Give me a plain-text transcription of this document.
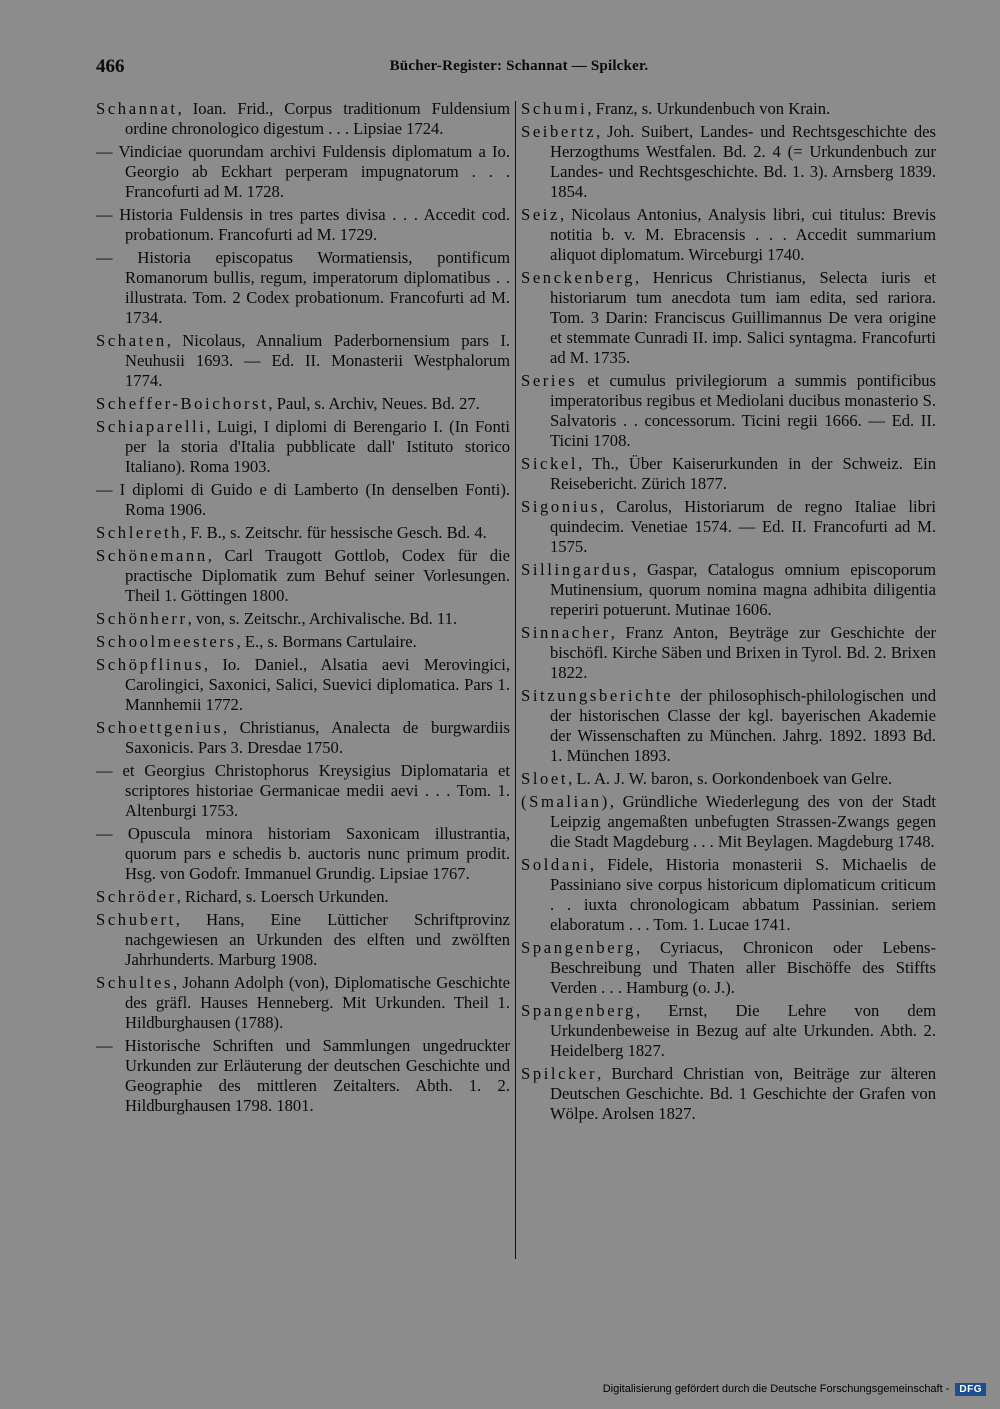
466	Bücher-Register: Schannat — Spilcker.
Schannat, Ioan. Frid., Corpus traditionum Fuldensium ordine chronologico digestum . . . Lipsiae 1724.
— Vindiciae quorundam archivi Fuldensis diplomatum a Io. Georgio ab Eckhart perperam impugnatorum . . . Francofurti ad M. 1728.
— Historia Fuldensis in tres partes divisa . . . Accedit cod. probationum. Francofurti ad M. 1729.
— Historia episcopatus Wormatiensis, pontificum Romanorum bullis, regum, imperatorum diplomatibus . . illustrata. Tom. 2 Codex probationum. Francofurti ad M. 1734.
Schaten, Nicolaus, Annalium Paderbornensium pars I. Neuhusii 1693. — Ed. II. Monasterii Westphalorum 1774.
Scheffer-Boichorst, Paul, s. Archiv, Neues. Bd. 27.
Schiaparelli, Luigi, I diplomi di Berengario I. (In Fonti per la storia d'Italia pubblicate dall' Istituto storico Italiano). Roma 1903.
— I diplomi di Guido e di Lamberto (In denselben Fonti). Roma 1906.
Schlereth, F. B., s. Zeitschr. für hessische Gesch. Bd. 4.
Schönemann, Carl Traugott Gottlob, Codex für die practische Diplomatik zum Behuf seiner Vorlesungen. Theil 1. Göttingen 1800.
Schönherr, von, s. Zeitschr., Archivalische. Bd. 11.
Schoolmeesters, E., s. Bormans Cartulaire.
Schöpflinus, Io. Daniel., Alsatia aevi Merovingici, Carolingici, Saxonici, Salici, Suevici diplomatica. Pars 1. Mannhemii 1772.
Schoettgenius, Christianus, Analecta de burgwardiis Saxonicis. Pars 3. Dresdae 1750.
— et Georgius Christophorus Kreysigius Diplomataria et scriptores historiae Germanicae medii aevi . . . Tom. 1. Altenburgi 1753.
— Opuscula minora historiam Saxonicam illustrantia, quorum pars e schedis b. auctoris nunc primum prodit. Hsg. von Godofr. Immanuel Grundig. Lipsiae 1767.
Schröder, Richard, s. Loersch Urkunden.
Schubert, Hans, Eine Lütticher Schriftprovinz nachgewiesen an Urkunden des elften und zwölften Jahrhunderts. Marburg 1908.
Schultes, Johann Adolph (von), Diplomatische Geschichte des gräfl. Hauses Henneberg. Mit Urkunden. Theil 1. Hildburghausen (1788).
— Historische Schriften und Sammlungen ungedruckter Urkunden zur Erläuterung der deutschen Geschichte und Geographie des mittleren Zeitalters. Abth. 1. 2. Hildburghausen 1798. 1801.
Schumi, Franz, s. Urkundenbuch von Krain.
Seibertz, Joh. Suibert, Landes- und Rechtsgeschichte des Herzogthums Westfalen. Bd. 2. 4 (= Urkundenbuch zur Landes- und Rechtsgeschichte. Bd. 1. 3). Arnsberg 1839. 1854.
Seiz, Nicolaus Antonius, Analysis libri, cui titulus: Brevis notitia b. v. M. Ebracensis . . . Accedit summarium aliquot diplomatum. Wirceburgi 1740.
Senckenberg, Henricus Christianus, Selecta iuris et historiarum tum anecdota tum iam edita, sed rariora. Tom. 3 Darin: Franciscus Guillimannus De vera origine et stemmate Cunradi II. imp. Salici syntagma. Francofurti ad M. 1735.
Series et cumulus privilegiorum a summis pontificibus imperatoribus regibus et Mediolani ducibus monasterio S. Salvatoris . . concessorum. Ticini regii 1666. — Ed. II. Ticini 1708.
Sickel, Th., Über Kaiserurkunden in der Schweiz. Ein Reisebericht. Zürich 1877.
Sigonius, Carolus, Historiarum de regno Italiae libri quindecim. Venetiae 1574. — Ed. II. Francofurti ad M. 1575.
Sillingardus, Gaspar, Catalogus omnium episcoporum Mutinensium, quorum nomina magna adhibita diligentia reperiri potuerunt. Mutinae 1606.
Sinnacher, Franz Anton, Beyträge zur Geschichte der bischöfl. Kirche Säben und Brixen in Tyrol. Bd. 2. Brixen 1822.
Sitzungsberichte der philosophisch-philologischen und der historischen Classe der kgl. bayerischen Akademie der Wissenschaften zu München. Jahrg. 1892. 1893 Bd. 1. München 1893.
Sloet, L. A. J. W. baron, s. Oorkondenboek van Gelre.
(Smalian), Gründliche Wiederlegung des von der Stadt Leipzig angemaßten unbefugten Strassen-Zwangs gegen die Stadt Magdeburg . . . Mit Beylagen. Magdeburg 1748.
Soldani, Fidele, Historia monasterii S. Michaelis de Passiniano sive corpus historicum diplomaticum criticum . . iuxta chronologicam abbatum Passinian. seriem elaboratum . . . Tom. 1. Lucae 1741.
Spangenberg, Cyriacus, Chronicon oder Lebens-Beschreibung und Thaten aller Bischöffe des Stiffts Verden . . . Hamburg (o. J.).
Spangenberg, Ernst, Die Lehre von dem Urkundenbeweise in Bezug auf alte Urkunden. Abth. 2. Heidelberg 1827.
Spilcker, Burchard Christian von, Beiträge zur älteren Deutschen Geschichte. Bd. 1 Geschichte der Grafen von Wölpe. Arolsen 1827.
Digitalisierung gefördert durch die Deutsche Forschungsgemeinschaft -	DFG
